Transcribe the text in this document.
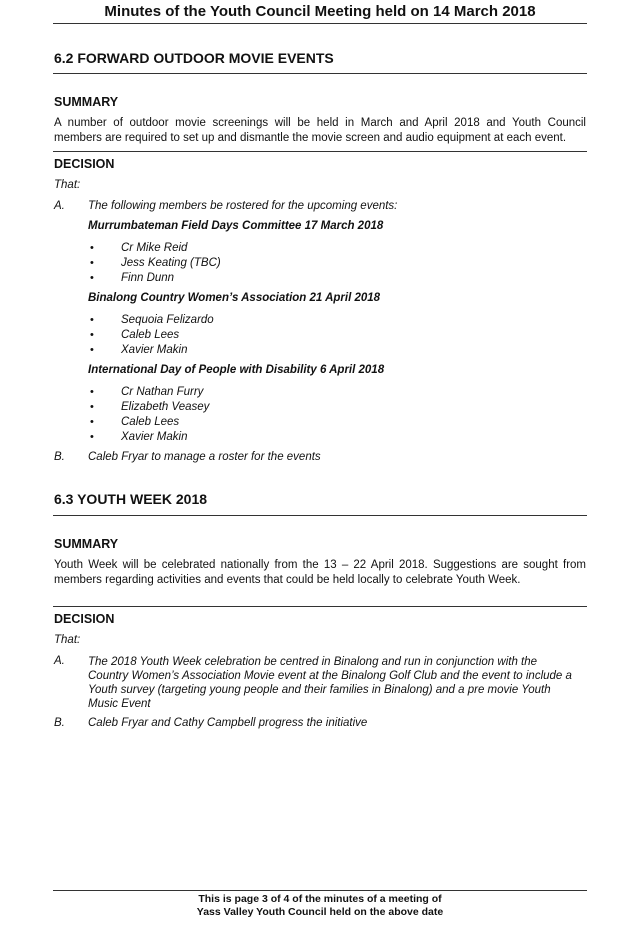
Minutes of the Youth Council Meeting held on 14 March 2018
6.2 FORWARD OUTDOOR MOVIE EVENTS
SUMMARY
A number of outdoor movie screenings will be held in March and April 2018 and Youth Council
members are required to set up and dismantle the movie screen and audio equipment at each event.
DECISION
That:
A. The following members be rostered for the upcoming events:
Murrumbateman Field Days Committee 17 March 2018
• Cr Mike Reid
• Jess Keating (TBC)
• Finn Dunn
Binalong Country Women’s Association 21 April 2018
• Sequoia Felizardo
• Caleb Lees
• Xavier Makin
International Day of People with Disability 6 April 2018
• Cr Nathan Furry
• Elizabeth Veasey
• Caleb Lees
• Xavier Makin
B. Caleb Fryar to manage a roster for the events
6.3 YOUTH WEEK 2018
SUMMARY
Youth Week will be celebrated nationally from the 13 – 22 April 2018. Suggestions are sought from
members regarding activities and events that could be held locally to celebrate Youth Week.
DECISION
That:
A. The 2018 Youth Week celebration be centred in Binalong and run in conjunction with the
Country Women’s Association Movie event at the Binalong Golf Club and the event to include a
Youth survey (targeting young people and their families in Binalong) and a pre movie Youth
Music Event
B. Caleb Fryar and Cathy Campbell progress the initiative
This is page 3 of 4 of the minutes of a meeting of
Yass Valley Youth Council held on the above date
